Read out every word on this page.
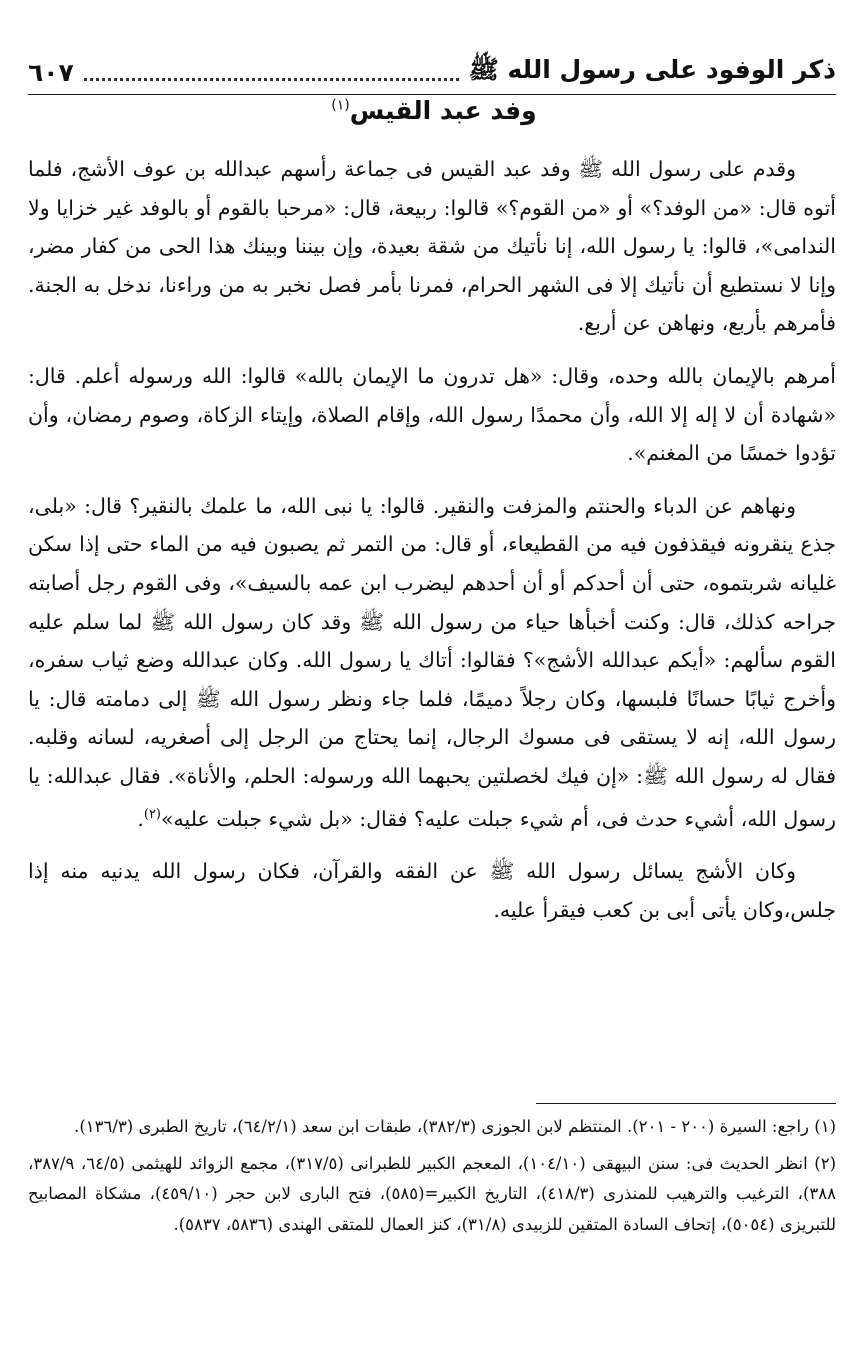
ذكر الوفود على رسول الله ﷺ
٦٠٧
وفد عبد القيس$^{(١)}$

وقدم على رسول الله ﷺ وفد عبد القيس فى جماعة رأسهم عبدالله بن عوف الأشج، فلما أتوه قال: «من الوفد؟» أو «من القوم؟» قالوا: ربيعة، قال: «مرحبا بالقوم أو بالوفد غير خزايا ولا الندامى»، قالوا: يا رسول الله، إنا نأتيك من شقة بعيدة، وإن بيننا وبينك هذا الحى من كفار مضر، وإنا لا نستطيع أن نأتيك إلا فى الشهر الحرام، فمرنا بأمر فصل نخبر به من وراءنا، ندخل به الجنة. فأمرهم بأربع، ونهاهن عن أربع.

أمرهم بالإيمان بالله وحده، وقال: «هل تدرون ما الإيمان بالله» قالوا: الله ورسوله أعلم. قال: «شهادة أن لا إله إلا الله، وأن محمدًا رسول الله، وإقام الصلاة، وإيتاء الزكاة، وصوم رمضان، وأن تؤدوا خمسًا من المغنم».

ونهاهم عن الدباء والحنتم والمزفت والنقير. قالوا: يا نبى الله، ما علمك بالنقير؟ قال: «بلى، جذع ينقرونه فيقذفون فيه من القطيعاء، أو قال: من التمر ثم يصبون فيه من الماء حتى إذا سكن غليانه شربتموه، حتى أن أحدكم أو أن أحدهم ليضرب ابن عمه بالسيف»، وفى القوم رجل أصابته جراحه كذلك، قال: وكنت أخبأها حياء من رسول الله ﷺ وقد كان رسول الله ﷺ لما سلم عليه القوم سألهم: «أيكم عبدالله الأشج»؟ فقالوا: أتاك يا رسول الله. وكان عبدالله وضع ثياب سفره، وأخرج ثيابًا حسانًا فلبسها، وكان رجلاً دميمًا، فلما جاء ونظر رسول الله ﷺ إلى دمامته قال: يا رسول الله، إنه لا يستقى فى مسوك الرجال، إنما يحتاج من الرجل إلى أصغريه، لسانه وقلبه. فقال له رسول الله ﷺ: «إن فيك لخصلتين يحبهما الله ورسوله: الحلم، والأناة». فقال عبدالله: يا رسول الله، أشيء حدث فى، أم شيء جبلت عليه؟ فقال: «بل شيء جبلت عليه»$^{(٢)}$.

وكان الأشج يسائل رسول الله ﷺ عن الفقه والقرآن، فكان رسول الله يدنيه منه إذا جلس،وكان يأتى أبى بن كعب فيقرأ عليه.

(١) راجع: السيرة (٢٠٠ - ٢٠١). المنتظم لابن الجوزى (٣٨٢/٣)، طبقات ابن سعد (٦٤/٢/١)، تاريخ الطبرى (١٣٦/٣).

(٢) انظر الحديث فى: سنن البيهقى (١٠٤/١٠)، المعجم الكبير للطبرانى (٣١٧/٥)، مجمع الزوائد للهيثمى (٦٤/٥، ٣٨٧/٩، ٣٨٨)، الترغيب والترهيب للمنذرى (٤١٨/٣)، التاريخ الكبير=(٥٨٥)، فتح البارى لابن حجر (٤٥٩/١٠)، مشكاة المصابيح للتبريزى (٥٠٥٤)، إتحاف السادة المتقين للزبيدى (٣١/٨)، كنز العمال للمتقى الهندى (٥٨٣٦، ٥٨٣٧).
